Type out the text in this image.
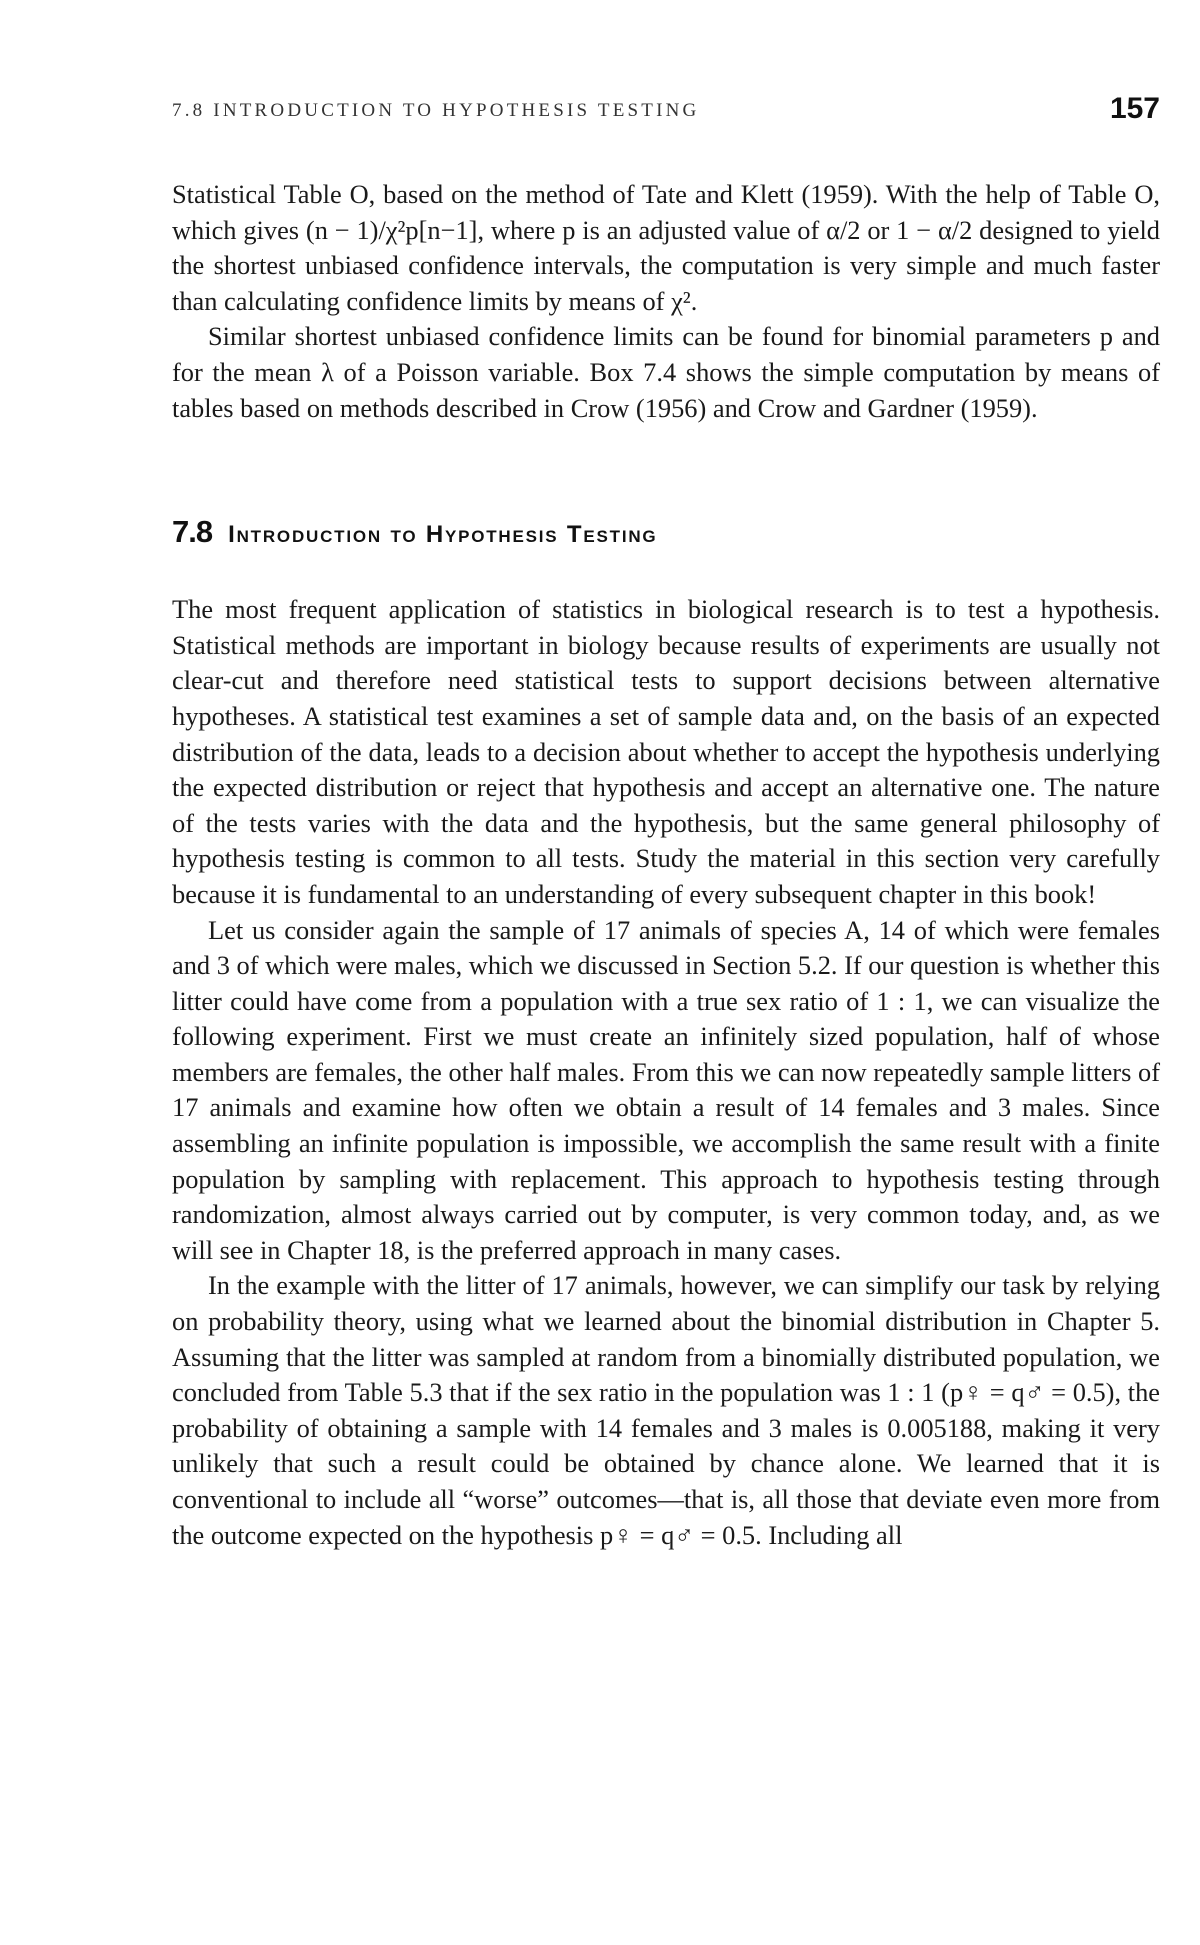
7.8 INTRODUCTION TO HYPOTHESIS TESTING	157

Statistical Table O, based on the method of Tate and Klett (1959). With the help of Table O, which gives (n − 1)/χ²p[n−1], where p is an adjusted value of α/2 or 1 − α/2 designed to yield the shortest unbiased confidence intervals, the computation is very simple and much faster than calculating confidence limits by means of χ².

Similar shortest unbiased confidence limits can be found for binomial parameters p and for the mean λ of a Poisson variable. Box 7.4 shows the simple computation by means of tables based on methods described in Crow (1956) and Crow and Gardner (1959).

7.8 Introduction to Hypothesis Testing

The most frequent application of statistics in biological research is to test a hypothesis. Statistical methods are important in biology because results of experiments are usually not clear-cut and therefore need statistical tests to support decisions between alternative hypotheses. A statistical test examines a set of sample data and, on the basis of an expected distribution of the data, leads to a decision about whether to accept the hypothesis underlying the expected distribution or reject that hypothesis and accept an alternative one. The nature of the tests varies with the data and the hypothesis, but the same general philosophy of hypothesis testing is common to all tests. Study the material in this section very carefully because it is fundamental to an understanding of every subsequent chapter in this book!

Let us consider again the sample of 17 animals of species A, 14 of which were females and 3 of which were males, which we discussed in Section 5.2. If our question is whether this litter could have come from a population with a true sex ratio of 1 : 1, we can visualize the following experiment. First we must create an infinitely sized population, half of whose members are females, the other half males. From this we can now repeatedly sample litters of 17 animals and examine how often we obtain a result of 14 females and 3 males. Since assembling an infinite population is impossible, we accomplish the same result with a finite population by sampling with replacement. This approach to hypothesis testing through randomization, almost always carried out by computer, is very common today, and, as we will see in Chapter 18, is the preferred approach in many cases.

In the example with the litter of 17 animals, however, we can simplify our task by relying on probability theory, using what we learned about the binomial distribution in Chapter 5. Assuming that the litter was sampled at random from a binomially distributed population, we concluded from Table 5.3 that if the sex ratio in the population was 1 : 1 (p♀ = q♂ = 0.5), the probability of obtaining a sample with 14 females and 3 males is 0.005188, making it very unlikely that such a result could be obtained by chance alone. We learned that it is conventional to include all “worse” outcomes—that is, all those that deviate even more from the outcome expected on the hypothesis p♀ = q♂ = 0.5. Including all
